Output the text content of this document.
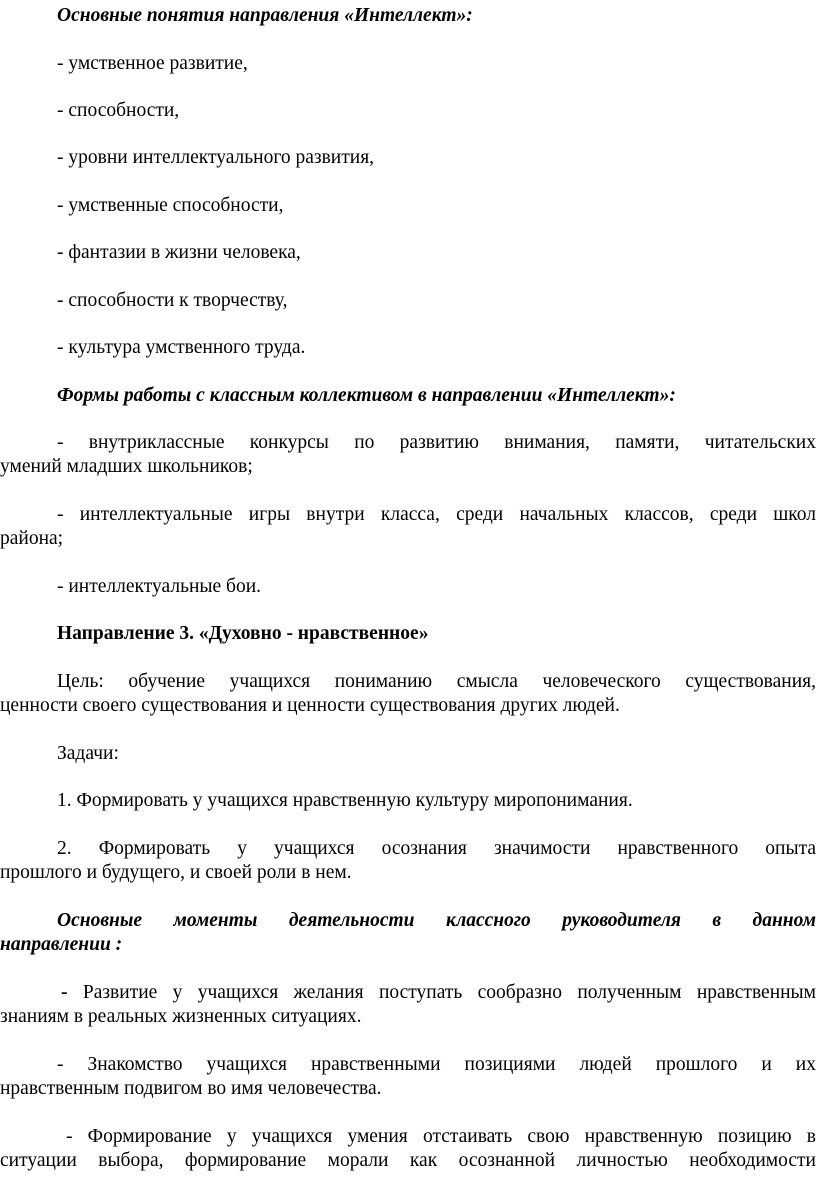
Основные понятия направления «Интеллект»:
- умственное развитие,
- способности,
- уровни интеллектуального развития,
- умственные способности,
- фантазии в жизни человека,
- способности к творчеству,
- культура умственного труда.
Формы работы с классным коллективом в направлении «Интеллект»:
- внутриклассные конкурсы по развитию внимания, памяти, читательских
умений младших школьников;
- интеллектуальные игры внутри класса, среди начальных классов, среди школ
района;
- интеллектуальные бои.
Направление 3. «Духовно - нравственное»
Цель: обучение учащихся пониманию смысла человеческого существования,
ценности своего существования и ценности существования других людей.
Задачи:
1. Формировать у учащихся нравственную культуру миропонимания.
2. Формировать у учащихся осознания значимости нравственного опыта
прошлого и будущего, и своей роли в нем.
Основные моменты деятельности классного руководителя в данном
направлении :
- Развитие у учащихся желания поступать сообразно полученным нравственным
знаниям в реальных жизненных ситуациях.
- Знакомство учащихся нравственными позициями людей прошлого и их
нравственным подвигом во имя человечества.
- Формирование у учащихся умения отстаивать свою нравственную позицию в
ситуации выбора, формирование морали как осознанной личностью необходимости
